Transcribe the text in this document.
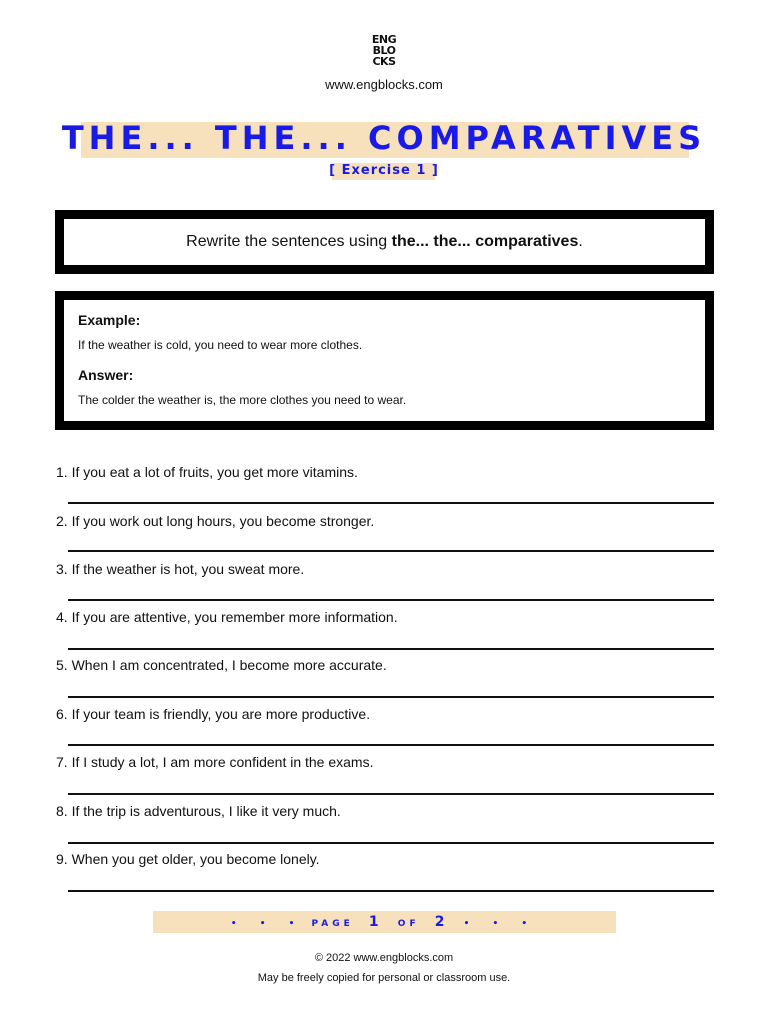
ENG
BLO
CKS
www.engblocks.com
THE... THE... COMPARATIVES
[ Exercise 1 ]
Rewrite the sentences using the... the... comparatives.
Example:
If the weather is cold, you need to wear more clothes.
Answer:
The colder the weather is, the more clothes you need to wear.
1. If you eat a lot of fruits, you get more vitamins.
2. If you work out long hours, you become stronger.
3. If the weather is hot, you sweat more.
4. If you are attentive, you remember more information.
5. When I am concentrated, I become more accurate.
6. If your team is friendly, you are more productive.
7. If I study a lot, I am more confident in the exams.
8. If the trip is adventurous, I like it very much.
9. When you get older, you become lonely.
• • • PAGE 1 OF 2 • • •
© 2022 www.engblocks.com
May be freely copied for personal or classroom use.
